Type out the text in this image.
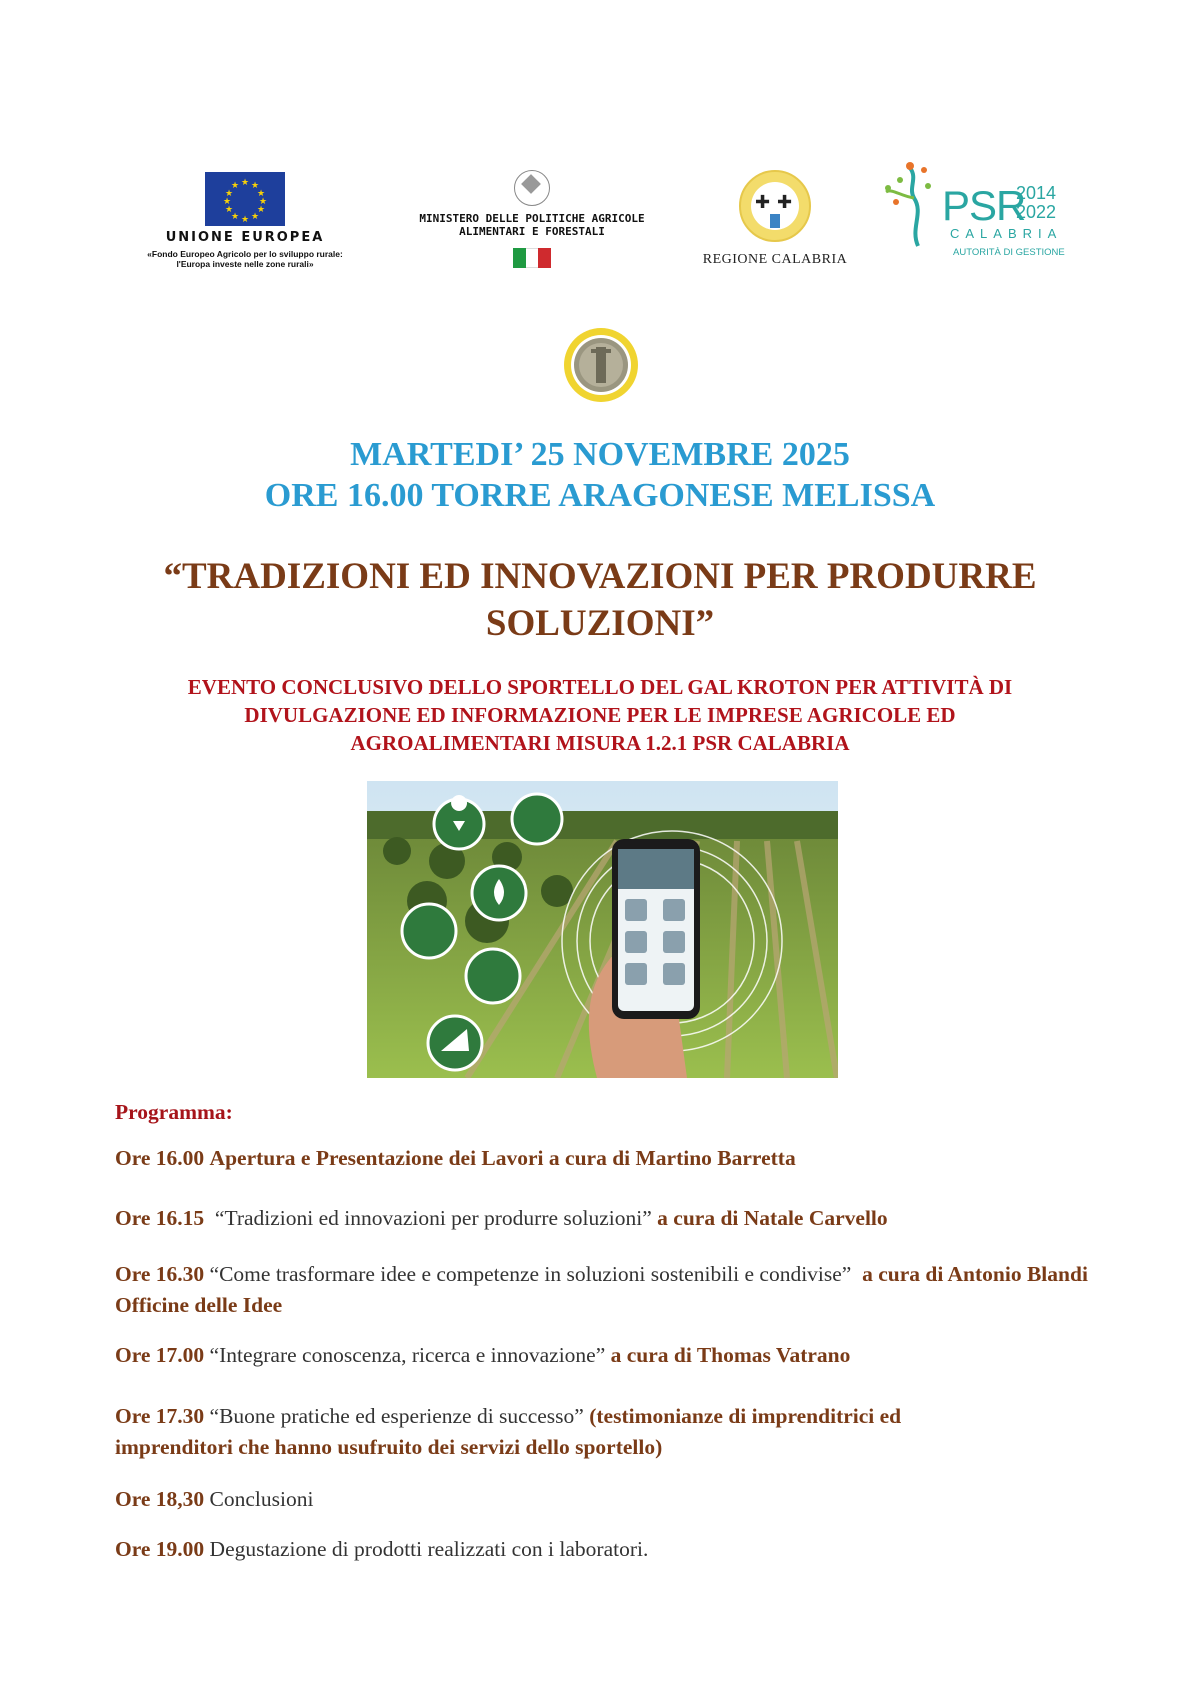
★ ★
★
★
★
★
★
★
★
★
★
★
UNIONE EUROPEA
«Fondo Europeo Agricolo per lo sviluppo rurale:
l'Europa investe nelle zone rurali»
MINISTERO DELLE POLITICHE AGRICOLE
ALIMENTARI E FORESTALI
✚ ✚
REGIONE CALABRIA
PSR
2014
2022
CALABRIA
AUTORITÀ DI GESTIONE
MARTEDI’ 25 NOVEMBRE 2025
ORE 16.00 TORRE ARAGONESE MELISSA
“TRADIZIONI ED INNOVAZIONI PER PRODURRE
SOLUZIONI”
EVENTO CONCLUSIVO DELLO SPORTELLO DEL GAL KROTON PER ATTIVITÀ DI
DIVULGAZIONE ED INFORMAZIONE PER LE IMPRESE AGRICOLE ED
AGROALIMENTARI MISURA 1.2.1 PSR CALABRIA
Programma:
Ore 16.00 Apertura e Presentazione dei Lavori a cura di Martino Barretta
Ore 16.15 “Tradizioni ed innovazioni per produrre soluzioni” a cura di Natale Carvello
Ore 16.30 “Come trasformare idee e competenze in soluzioni sostenibili e condivise” a cura di Antonio Blandi Officine delle Idee
Ore 17.00 “Integrare conoscenza, ricerca e innovazione” a cura di Thomas Vatrano
Ore 17.30 “Buone pratiche ed esperienze di successo” (testimonianze di imprenditrici ed
imprenditori che hanno usufruito dei servizi dello sportello)
Ore 18,30 Conclusioni
Ore 19.00 Degustazione di prodotti realizzati con i laboratori.
